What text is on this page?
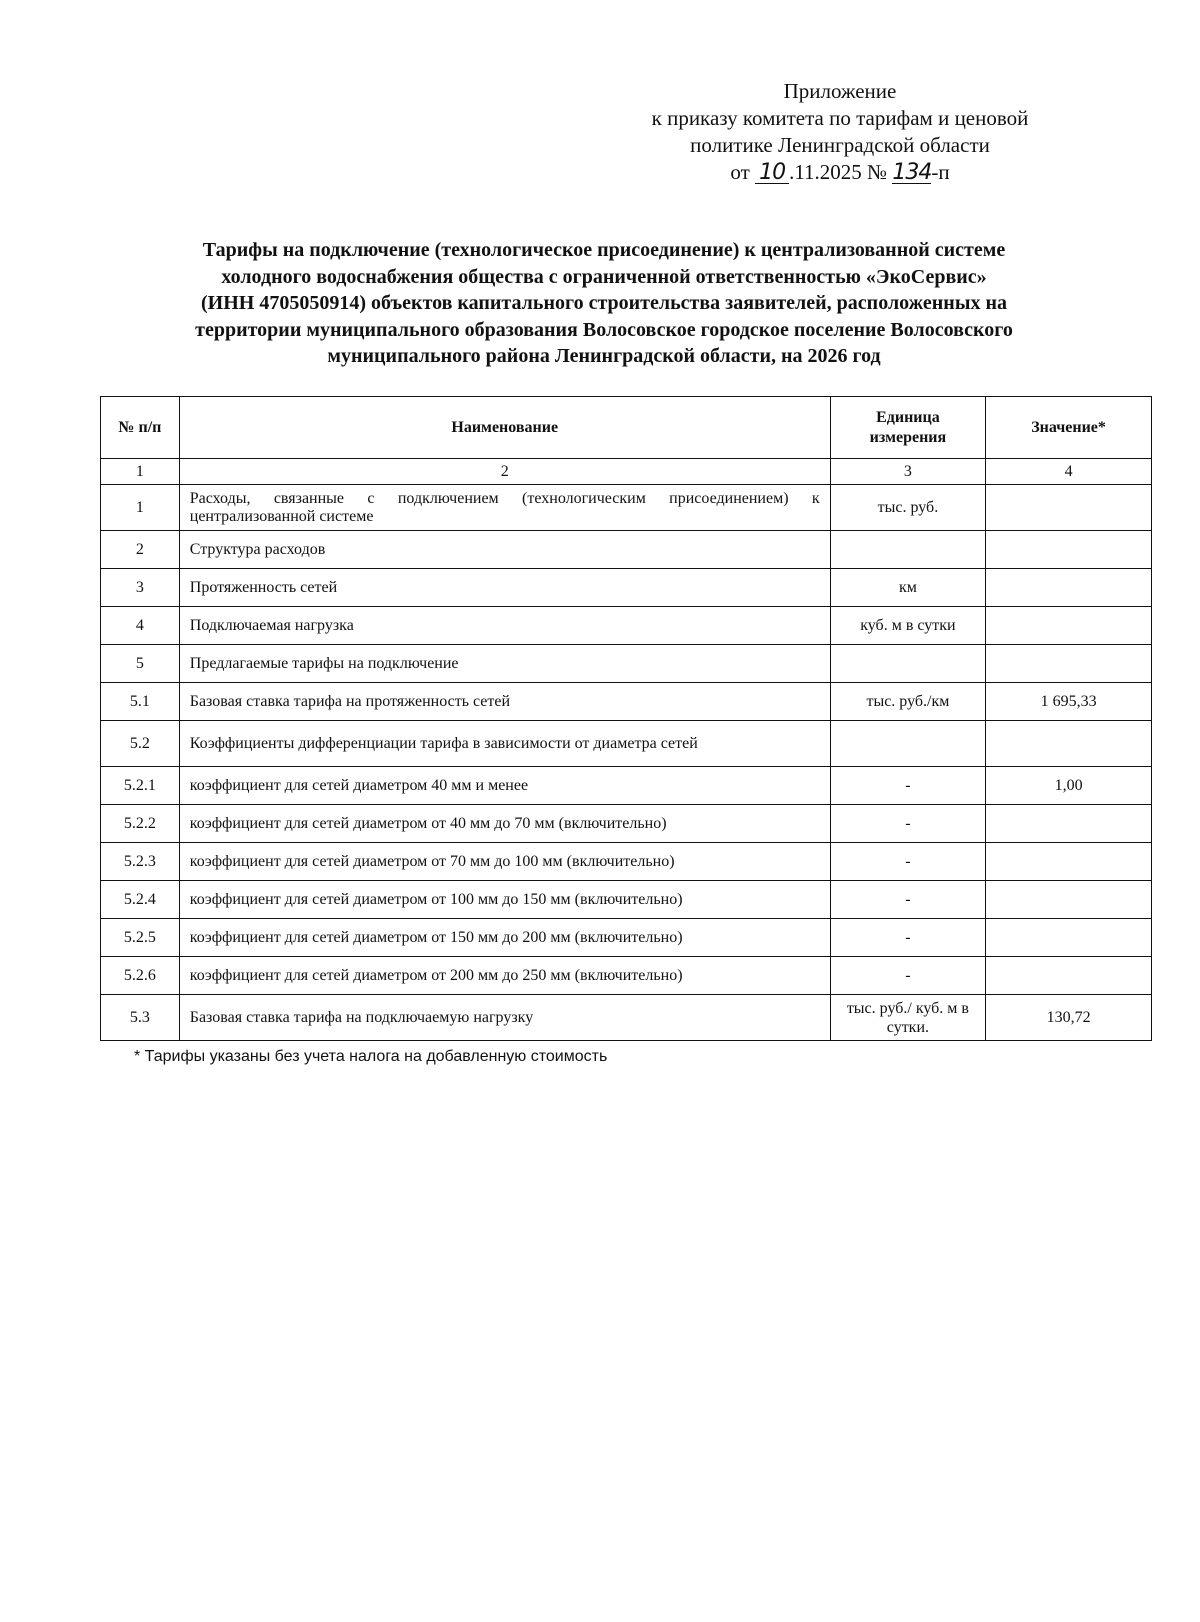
Приложение
к приказу комитета по тарифам и ценовой
политике Ленинградской области
от 10 .11.2025 № 134-п
Тарифы на подключение (технологическое присоединение) к централизованной системе
холодного водоснабжения общества с ограниченной ответственностью «ЭкоСервис»
(ИНН 4705050914) объектов капитального строительства заявителей, расположенных на
территории муниципального образования Волосовское городское поселение Волосовского
муниципального района Ленинградской области, на 2026 год
№ п/п	Наименование	Единица измерения	Значение*
1	2	3	4
1	Расходы, связанные с подключением (технологическим присоединением) к централизованной системе	тыс. руб.	
2	Структура расходов		
3	Протяженность сетей	км	
4	Подключаемая нагрузка	куб. м в сутки	
5	Предлагаемые тарифы на подключение		
5.1	Базовая ставка тарифа на протяженность сетей	тыс. руб./км	1 695,33
5.2	Коэффициенты дифференциации тарифа в зависимости от диаметра сетей		
5.2.1	коэффициент для сетей диаметром 40 мм и менее	-	1,00
5.2.2	коэффициент для сетей диаметром от 40 мм до 70 мм (включительно)	-	
5.2.3	коэффициент для сетей диаметром от 70 мм до 100 мм (включительно)	-	
5.2.4	коэффициент для сетей диаметром от 100 мм до 150 мм (включительно)	-	
5.2.5	коэффициент для сетей диаметром от 150 мм до 200 мм (включительно)	-	
5.2.6	коэффициент для сетей диаметром от 200 мм до 250 мм (включительно)	-	
5.3	Базовая ставка тарифа на подключаемую нагрузку	тыс. руб./ куб. м в сутки.	130,72
* Тарифы указаны без учета налога на добавленную стоимость
